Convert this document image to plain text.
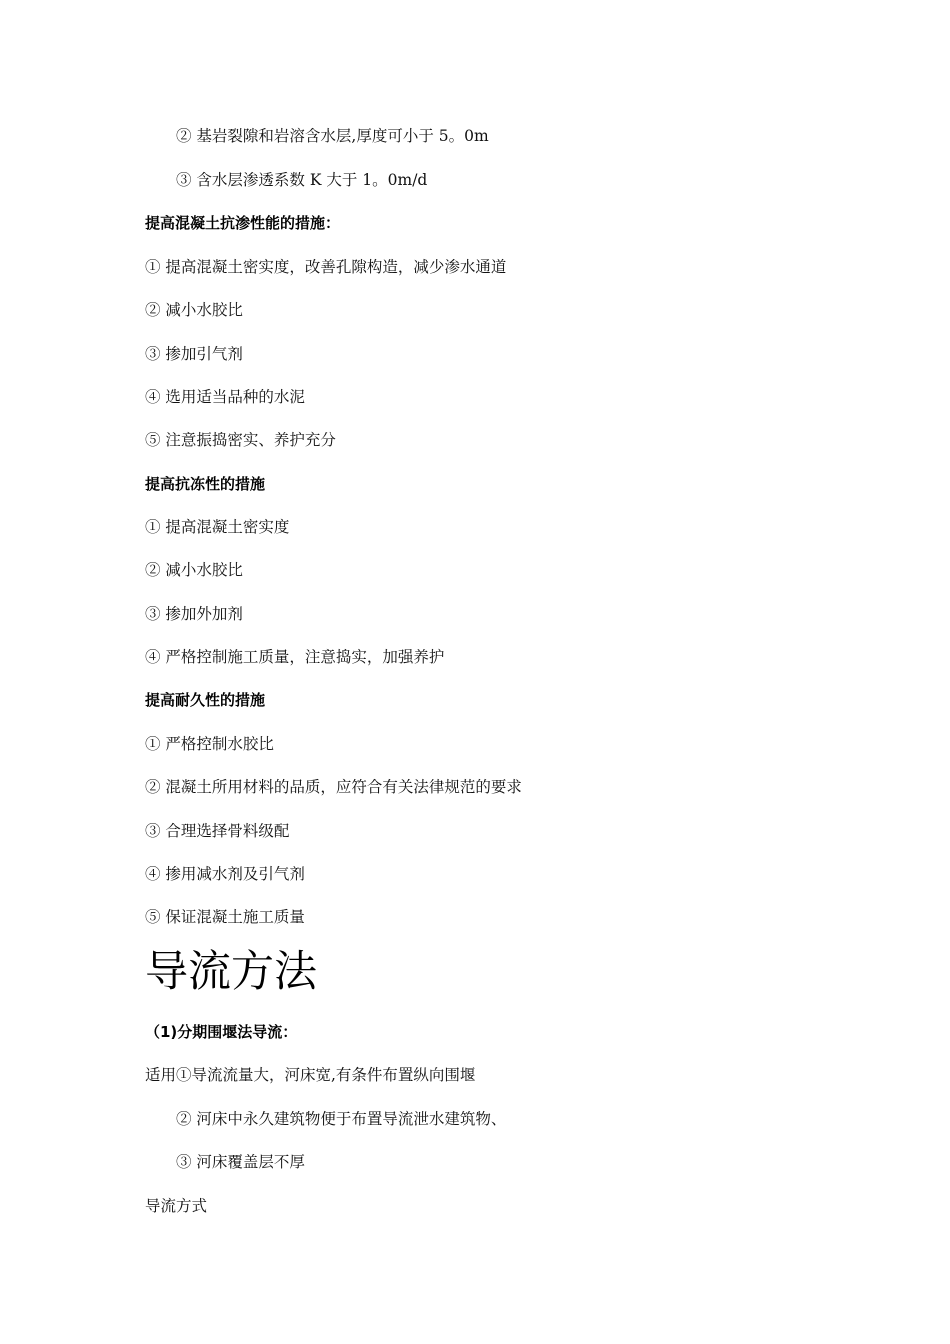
② 基岩裂隙和岩溶含水层,厚度可小于 5。0m
③ 含水层渗透系数 K 大于 1。0m/d
提高混凝土抗渗性能的措施：
① 提高混凝土密实度，改善孔隙构造，减少渗水通道
② 减小水胶比
③ 掺加引气剂
④ 选用适当品种的水泥
⑤ 注意振捣密实、养护充分
提高抗冻性的措施
① 提高混凝土密实度
② 减小水胶比
③ 掺加外加剂
④ 严格控制施工质量，注意捣实，加强养护
提高耐久性的措施
① 严格控制水胶比
② 混凝土所用材料的品质，应符合有关法律规范的要求
③ 合理选择骨料级配
④ 掺用减水剂及引气剂
⑤ 保证混凝土施工质量
导流方法
（1)分期围堰法导流：
适用①导流流量大，河床宽,有条件布置纵向围堰
② 河床中永久建筑物便于布置导流泄水建筑物、
③ 河床覆盖层不厚
导流方式
